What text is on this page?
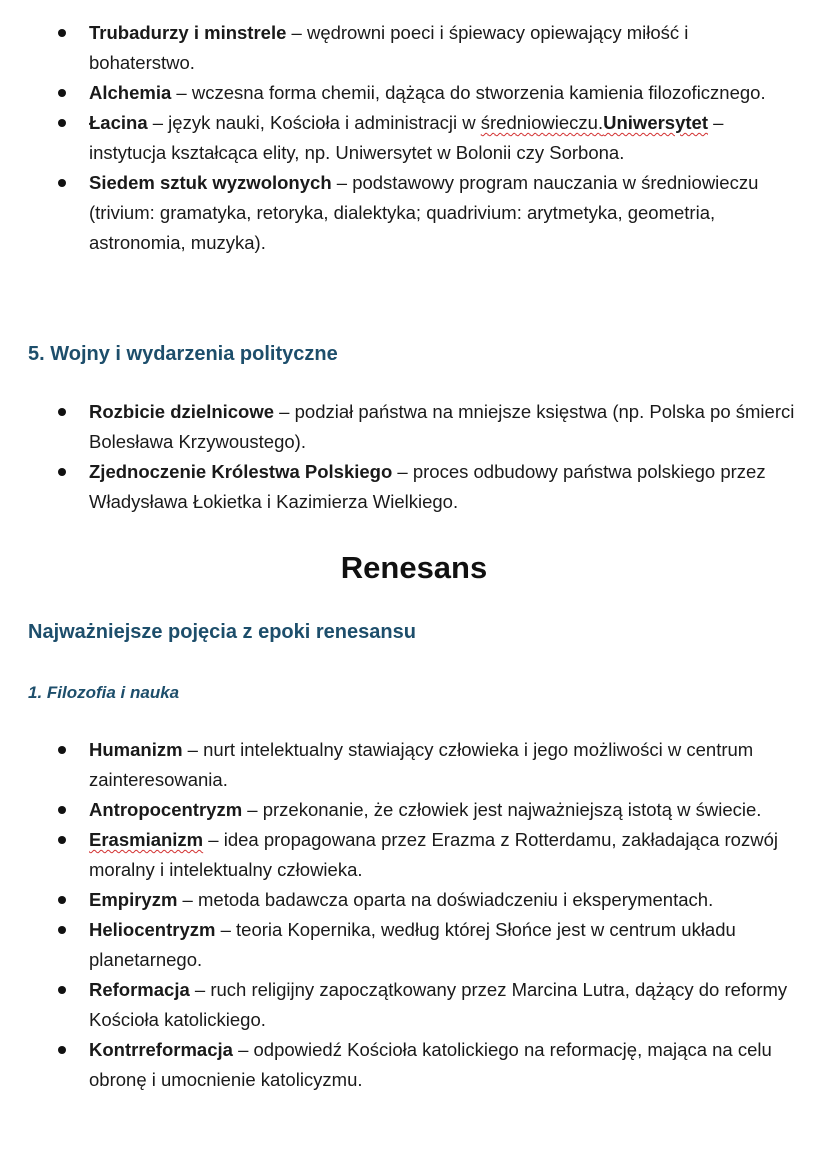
Trubadurzy i minstrele – wędrowni poeci i śpiewacy opiewający miłość i bohaterstwo.
Alchemia – wczesna forma chemii, dążąca do stworzenia kamienia filozoficznego.
Łacina – język nauki, Kościoła i administracji w średniowieczu.Uniwersytet – instytucja kształcąca elity, np. Uniwersytet w Bolonii czy Sorbona.
Siedem sztuk wyzwolonych – podstawowy program nauczania w średniowieczu (trivium: gramatyka, retoryka, dialektyka; quadrivium: arytmetyka, geometria, astronomia, muzyka).
5. Wojny i wydarzenia polityczne
Rozbicie dzielnicowe – podział państwa na mniejsze księstwa (np. Polska po śmierci Bolesława Krzywoustego).
Zjednoczenie Królestwa Polskiego – proces odbudowy państwa polskiego przez Władysława Łokietka i Kazimierza Wielkiego.
Renesans
Najważniejsze pojęcia z epoki renesansu
1. Filozofia i nauka
Humanizm – nurt intelektualny stawiający człowieka i jego możliwości w centrum zainteresowania.
Antropocentryzm – przekonanie, że człowiek jest najważniejszą istotą w świecie.
Erasmianizm – idea propagowana przez Erazma z Rotterdamu, zakładająca rozwój moralny i intelektualny człowieka.
Empiryzm – metoda badawcza oparta na doświadczeniu i eksperymentach.
Heliocentryzm – teoria Kopernika, według której Słońce jest w centrum układu planetarnego.
Reformacja – ruch religijny zapoczątkowany przez Marcina Lutra, dążący do reformy Kościoła katolickiego.
Kontrreformacja – odpowiedź Kościoła katolickiego na reformację, mająca na celu obronę i umocnienie katolicyzmu.
